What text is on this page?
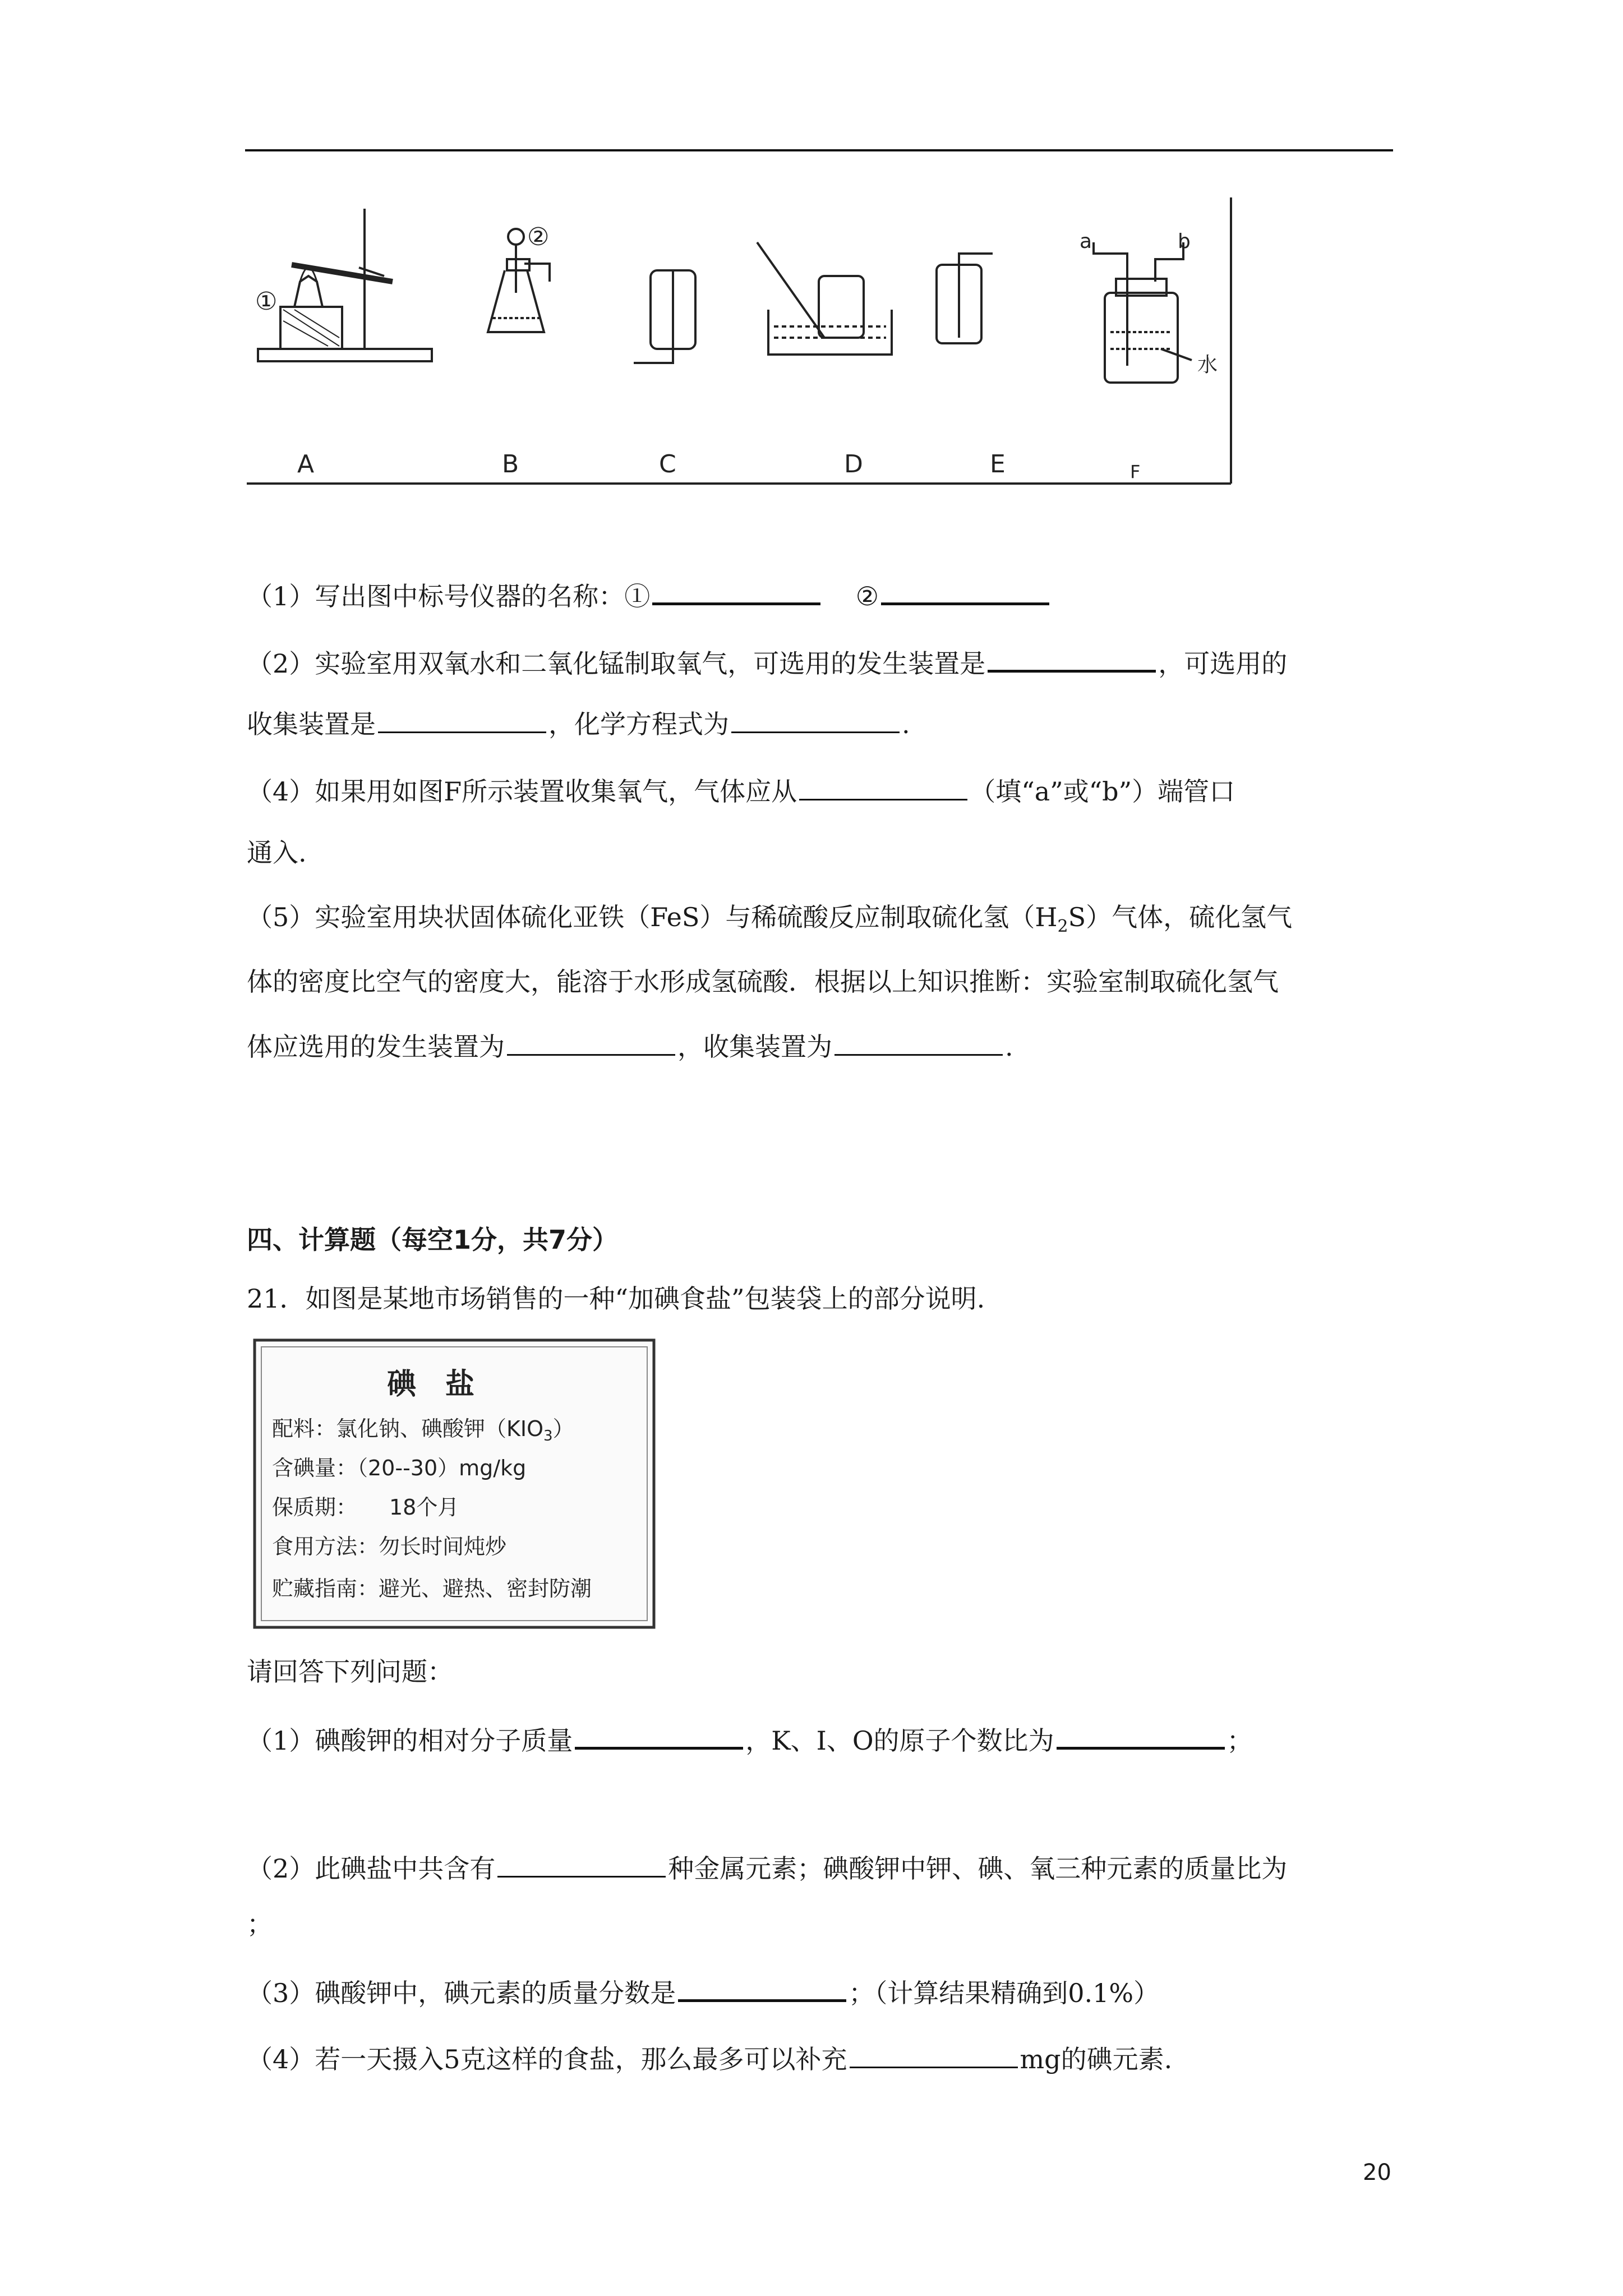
A	B	C	D	E	F
①
②	a	b
水
（1）写出图中标号仪器的名称：①	②
（2）实验室用双氧水和二氧化锰制取氧气，可选用的发生装置是	，可选用的
收集装置是	，化学方程式为	.
（4）如果用如图F所示装置收集氧气，气体应从	（填“a”或“b”）端管口
通入.
（5）实验室用块状固体硫化亚铁（FeS）与稀硫酸反应制取硫化氢$(H_2S)$气体，硫化氢气
体的密度比空气的密度大，能溶于水形成氢硫酸．根据以上知识推断：实验室制取硫化氢气
体应选用的发生装置为	，收集装置为	.
四、计算题（每空1分，共7分）
21．如图是某地市场销售的一种“加碘食盐”包装袋上的部分说明.
碘　盐
配料：氯化钠、碘酸钾$(KIO_3)$
含碘量：（20--30）mg/kg
保质期：　　18个月
食用方法：勿长时间炖炒
贮藏指南：避光、避热、密封防潮
请回答下列问题：
（1）碘酸钾的相对分子质量	，K、I、O的原子个数比为	；
（2）此碘盐中共含有	种金属元素；碘酸钾中钾、碘、氧三种元素的质量比为
；
（3）碘酸钾中，碘元素的质量分数是	；（计算结果精确到0.1%）
（4）若一天摄入5克这样的食盐，那么最多可以补充	mg的碘元素.
20
